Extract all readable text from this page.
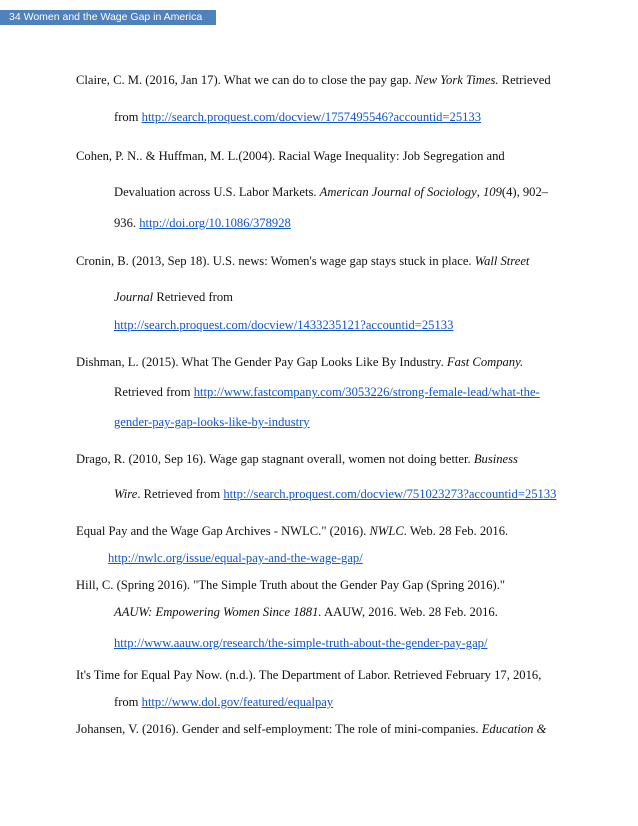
34 Women and the Wage Gap in America
Claire, C. M. (2016, Jan 17). What we can do to close the pay gap. New York Times. Retrieved
from http://search.proquest.com/docview/1757495546?accountid=25133
Cohen, P. N.. & Huffman, M. L.(2004). Racial Wage Inequality: Job Segregation and
Devaluation across U.S. Labor Markets. American Journal of Sociology, 109(4), 902–
936. http://doi.org/10.1086/378928
Cronin, B. (2013, Sep 18). U.S. news: Women's wage gap stays stuck in place. Wall Street
Journal Retrieved from
http://search.proquest.com/docview/1433235121?accountid=25133
Dishman, L. (2015). What The Gender Pay Gap Looks Like By Industry. Fast Company.
Retrieved from http://www.fastcompany.com/3053226/strong-female-lead/what-the-
gender-pay-gap-looks-like-by-industry
Drago, R. (2010, Sep 16). Wage gap stagnant overall, women not doing better. Business
Wire. Retrieved from http://search.proquest.com/docview/751023273?accountid=25133
Equal Pay and the Wage Gap Archives - NWLC." (2016). NWLC. Web. 28 Feb. 2016.
http://nwlc.org/issue/equal-pay-and-the-wage-gap/
Hill, C. (Spring 2016). "The Simple Truth about the Gender Pay Gap (Spring 2016)."
AAUW: Empowering Women Since 1881. AAUW, 2016. Web. 28 Feb. 2016.
http://www.aauw.org/research/the-simple-truth-about-the-gender-pay-gap/
It's Time for Equal Pay Now. (n.d.). The Department of Labor. Retrieved February 17, 2016,
from http://www.dol.gov/featured/equalpay
Johansen, V. (2016). Gender and self-employment: The role of mini-companies. Education &
